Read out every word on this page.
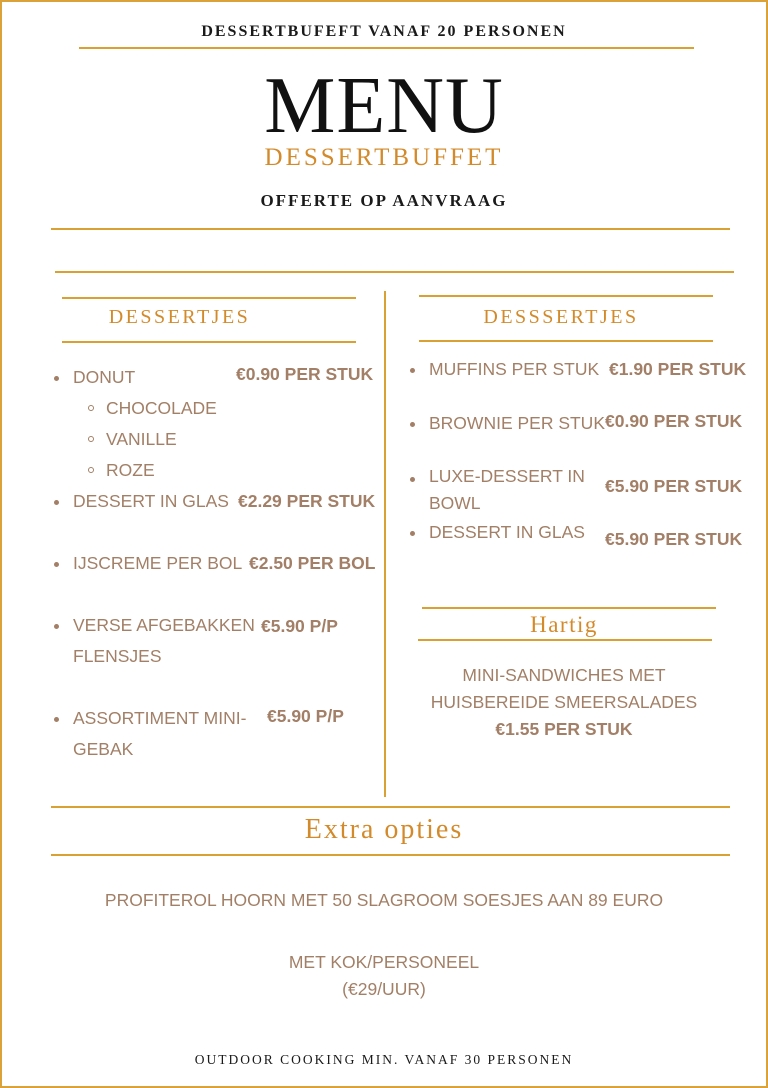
DESSERTBUFEFT VANAF 20 PERSONEN
MENU
DESSERTBUFFET
OFFERTE OP AANVRAAG
DESSERTJES
DONUT	€0.90 PER STUK
CHOCOLADE
VANILLE
ROZE
DESSERT IN GLAS €2.29 PER STUK
IJSCREME PER BOL €2.50 PER BOL
VERSE AFGEBAKKEN
FLENSJES
€5.90 P/P
ASSORTIMENT MINI-
GEBAK
€5.90 P/P
DESSSERTJES
MUFFINS PER STUK €1.90 PER STUK
BROWNIE PER STUK €0.90 PER STUK
LUXE-DESSERT IN
BOWL
€5.90 PER STUK
DESSERT IN GLAS €5.90 PER STUK
Hartig
MINI-SANDWICHES MET
HUISBEREIDE SMEERSALADES
€1.55 PER STUK
Extra opties
PROFITEROL HOORN MET 50 SLAGROOM SOESJES AAN 89 EURO
MET KOK/PERSONEEL
(€29/UUR)
OUTDOOR COOKING MIN. VANAF 30 PERSONEN
